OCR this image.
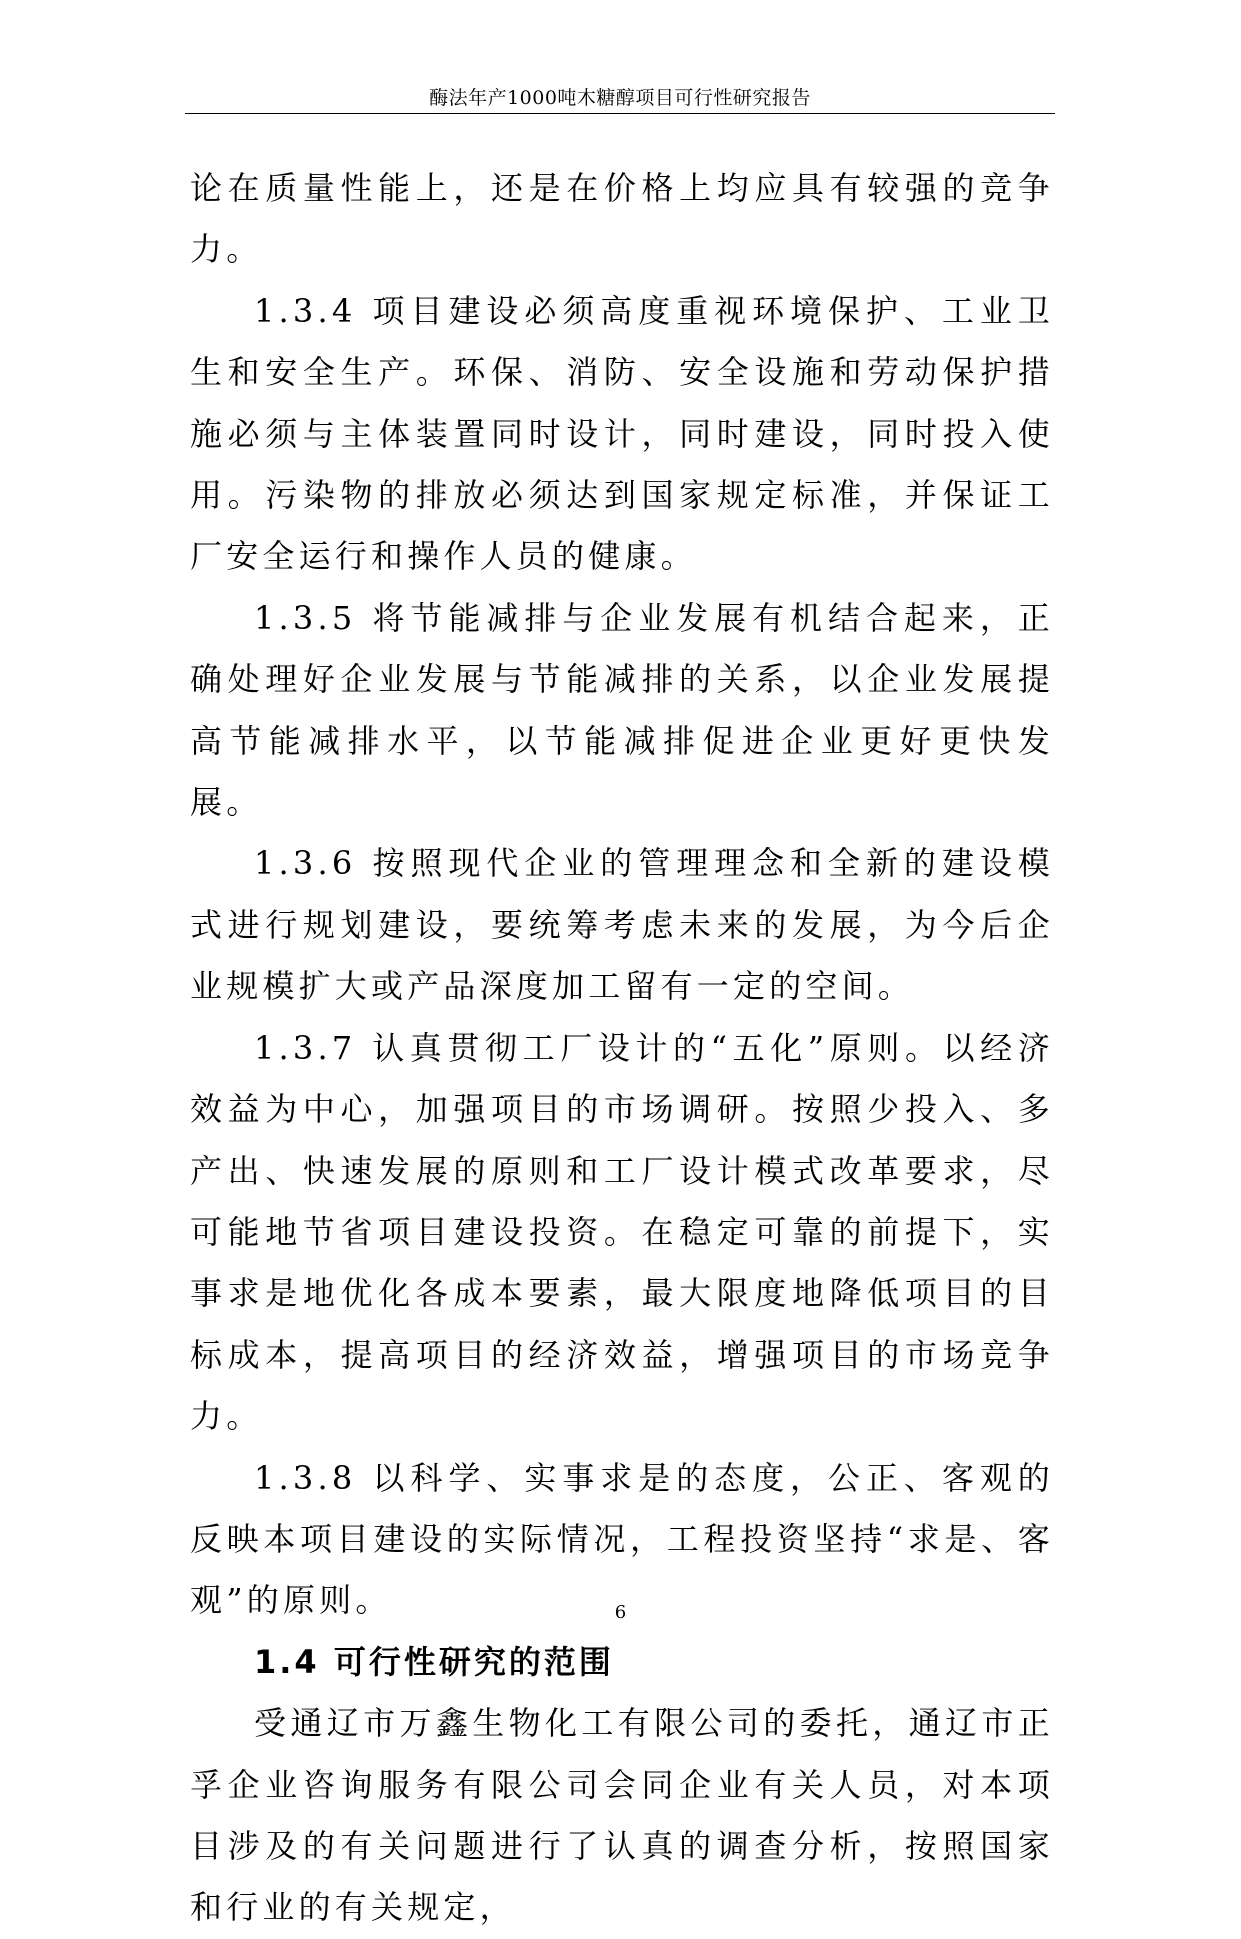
酶法年产1000吨木糖醇项目可行性研究报告

论在质量性能上，还是在价格上均应具有较强的竞争力。

1.3.4 项目建设必须高度重视环境保护、工业卫生和安全生产。环保、消防、安全设施和劳动保护措施必须与主体装置同时设计，同时建设，同时投入使用。污染物的排放必须达到国家规定标准，并保证工厂安全运行和操作人员的健康。

1.3.5 将节能减排与企业发展有机结合起来，正确处理好企业发展与节能减排的关系，以企业发展提高节能减排水平，以节能减排促进企业更好更快发展。

1.3.6 按照现代企业的管理理念和全新的建设模式进行规划建设，要统筹考虑未来的发展，为今后企业规模扩大或产品深度加工留有一定的空间。

1.3.7 认真贯彻工厂设计的“五化”原则。以经济效益为中心，加强项目的市场调研。按照少投入、多产出、快速发展的原则和工厂设计模式改革要求，尽可能地节省项目建设投资。在稳定可靠的前提下，实事求是地优化各成本要素，最大限度地降低项目的目标成本，提高项目的经济效益，增强项目的市场竞争力。

1.3.8 以科学、实事求是的态度，公正、客观的反映本项目建设的实际情况，工程投资坚持“求是、客观”的原则。

1.4 可行性研究的范围

受通辽市万鑫生物化工有限公司的委托，通辽市正孚企业咨询服务有限公司会同企业有关人员，对本项目涉及的有关问题进行了认真的调查分析，按照国家和行业的有关规定，

6
